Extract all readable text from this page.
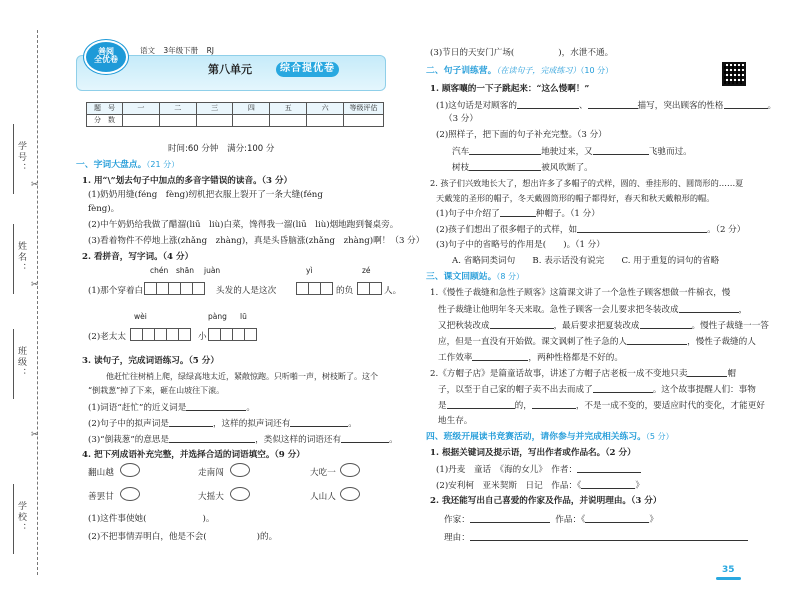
学号：
姓名：
班级：
学校：
✂
✂
✂
善阅
全优卷
语文 3年级下册 RJ
第八单元	综合提优卷
题　号	一	二	三	四	五	六	等级评估
分　数							
时间:60 分钟 满分:100 分
一、字词大盘点。（21 分）
1. 用“\”划去句子中加点的多音字错误的读音。（3 分）
(1)奶奶用缝(féng　fèng)纫机把衣服上裂开了一条大缝(féng
fèng)。
(2)中午奶奶给我做了醋溜(liū　liù)白菜，馋得我一溜(liū　liù)烟地跑到餐桌旁。
(3)看着物件不停地上涨(zhǎng　zhàng)，真是头昏脑涨(zhǎng　zhàng)啊！（3 分）
2. 看拼音，写字词。（4 分）
chén shān juàn	yì	zé
(1)那个穿着白	头发的人是这次	的负	人。
wèi	pàng lū
(2)老太太	小
3. 读句子，完成词语练习。（5 分）
他赶忙往树梢上爬，绿绿高地太近，紧敞惊跑。只听啪一声，树枝断了。这个
“倒栽葱”掉了下来，砸在山坡往下滚。
(1)词语“赶忙”的近义词是	。
(2)句子中的拟声词是	，这样的拟声词还有	。
(3)“倒栽葱”的意思是	，类似这样的词语还有	。
4. 把下列成语补充完整，并选择合适的词语填空。（9 分）
翻山越	走南闯	大吃一
善罢甘	大摇大	人山人
(1)这件事使她(	)。
(2)不把事情弄明白，他是不会(	)的。
(3)节日的天安门广场(	)，水泄不通。
二、句子训练营。（在读句子，完成练习）（10 分）
1. 顾客嚷的一下子跳起来：“这么慢啊！”
(1)这句话是对顾客的	、	描写，突出顾客的性格	。
（3 分）
(2)照样子，把下面的句子补充完整。（3 分）
汽车	地驶过来，又	飞驰而过。
树枝	被风吹断了。
2. 孩子们兴致地长大了，想出许多了多帽子的式样，圆的、垂挂形的、圆筒形的……夏
天戴笼的圣形的帽子，冬天戴圆筒形的帽子都得好，春天和秋天戴粮形的帽。
(1)句子中介绍了	种帽子。（1 分）
(2)孩子们想出了很多帽子的式样，如	。（2 分）
(3)句子中的省略号的作用是(　　)。（1 分）
A. 省略同类词句　　B. 表示话没有说完　　C. 用于重复的词句的省略
三、课文回顾站。（8 分）
1.《慢性子裁缝和急性子顾客》这篇课文讲了一个急性子顾客想做一件棉衣，慢
性子裁缝让他明年冬天来取。急性子顾客一会儿要求把冬装改成	，
又把秋装改成	，最后要求把夏装改成	。慢性子裁缝一一答
应，但是一直没有开始做。课文讽刺了性子急的人	，慢性子裁缝的人
工作效率	，两种性格都是不好的。
2.《方帽子店》是篇童话故事，讲述了方帽子店老板一成不变地只卖	帽
子，以至于自己家的帽子卖不出去而成了	。这个故事提醒人们：事物
是	的，	，不是一成不变的，要适应时代的变化，才能更好
地生存。
四、班级开展读书竞赛活动，请你参与并完成相关练习。（5 分）
1. 根据关键词及提示语，写出作者或作品名。（2 分）
(1)丹麦　童话　《海的女儿》　作者：
(2)安利柯　亚米契斯　日记　作品：《	》
2. 我还能写出自己喜爱的作家及作品，并说明理由。（3 分）
作家：	作品：《	》
理由：
35
